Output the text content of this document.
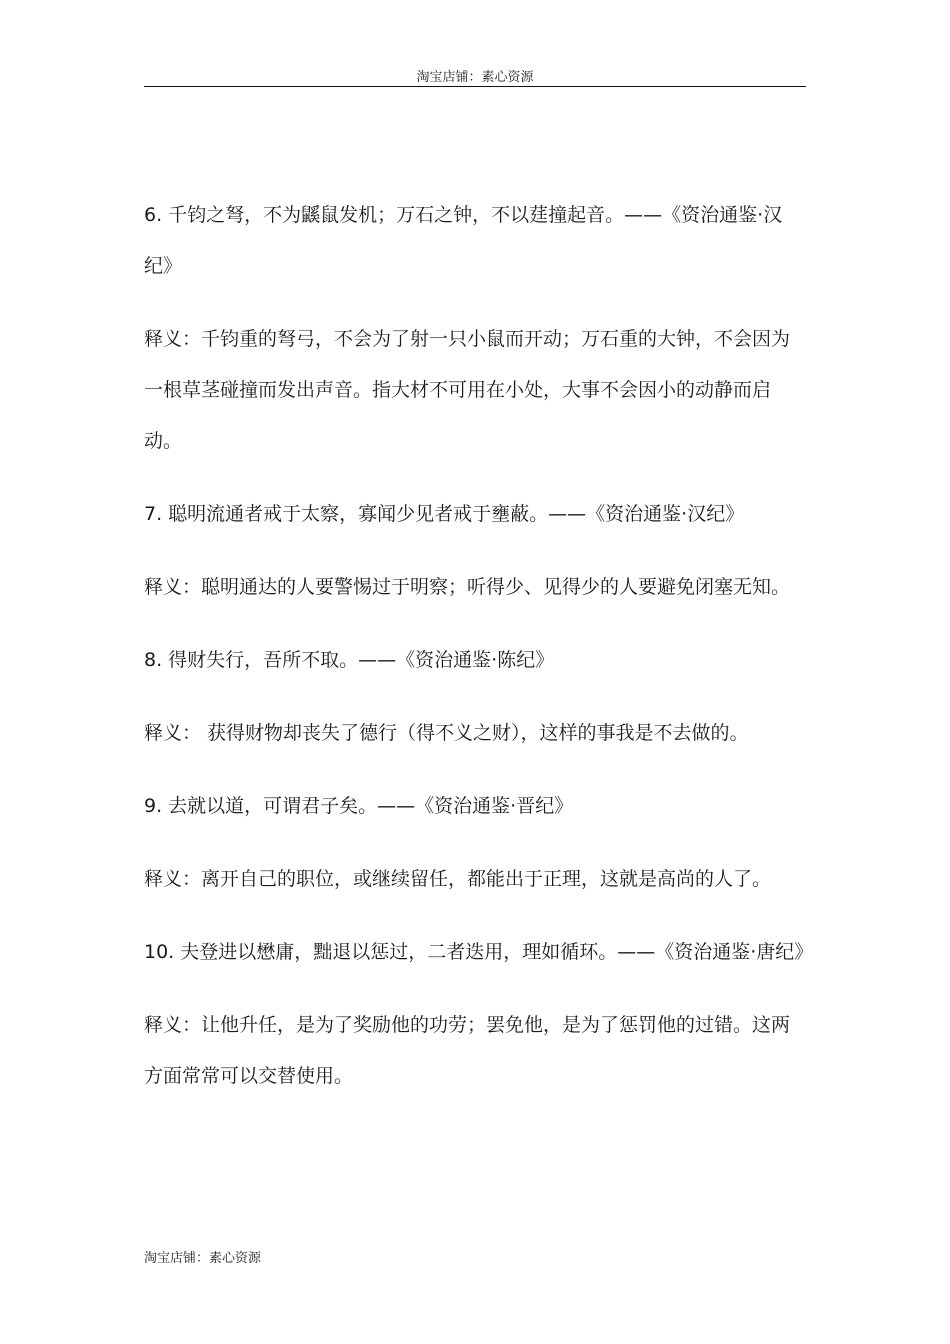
淘宝店铺：素心资源

6. 千钧之弩，不为鼷鼠发机；万石之钟，不以莛撞起音。——《资治通鉴·汉纪》

释义：千钧重的弩弓，不会为了射一只小鼠而开动；万石重的大钟，不会因为一根草茎碰撞而发出声音。指大材不可用在小处，大事不会因小的动静而启动。

7. 聪明流通者戒于太察，寡闻少见者戒于壅蔽。——《资治通鉴·汉纪》

释义：聪明通达的人要警惕过于明察；听得少、见得少的人要避免闭塞无知。

8. 得财失行，吾所不取。——《资治通鉴·陈纪》

释义： 获得财物却丧失了德行（得不义之财），这样的事我是不去做的。

9. 去就以道，可谓君子矣。——《资治通鉴·晋纪》

释义：离开自己的职位，或继续留任，都能出于正理，这就是高尚的人了。

10. 夫登进以懋庸，黜退以惩过，二者迭用，理如循环。——《资治通鉴·唐纪》

释义：让他升任，是为了奖励他的功劳；罢免他，是为了惩罚他的过错。这两方面常常可以交替使用。

淘宝店铺：素心资源
